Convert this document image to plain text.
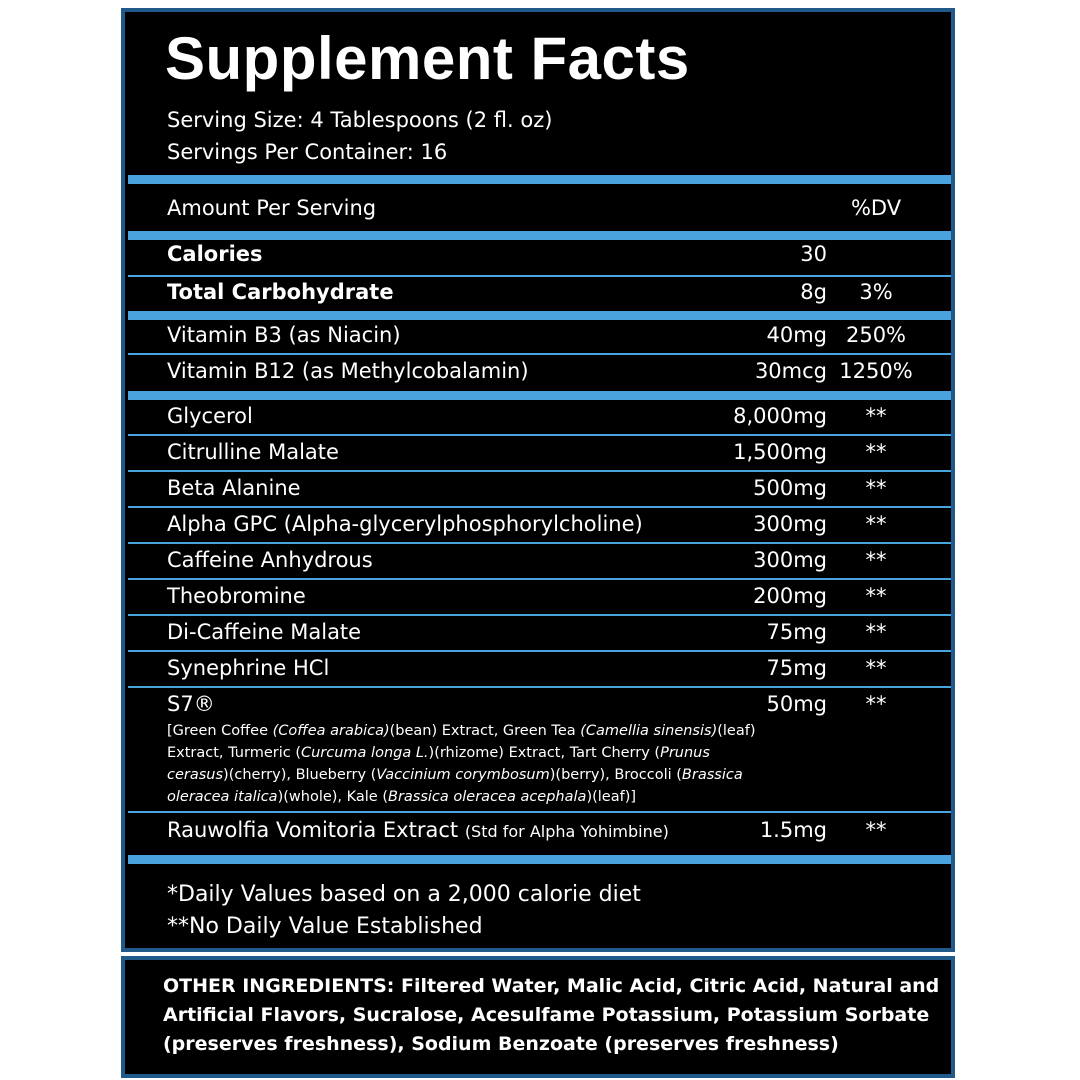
Supplement Facts
Serving Size: 4 Tablespoons (2 fl. oz)
Servings Per Container: 16
Amount Per Serving	%DV
Calories	30
Total Carbohydrate	8g	3%
Vitamin B3 (as Niacin)	40mg 250%
Vitamin B12 (as Methylcobalamin)	30mcg 1250%
Glycerol	8,000mg	**
Citrulline Malate	1,500mg	**
Beta Alanine	500mg	**
Alpha GPC (Alpha-glycerylphosphorylcholine)	300mg	**
Caffeine Anhydrous	300mg	**
Theobromine	200mg	**
Di-Caffeine Malate	75mg	**
Synephrine HCl	75mg	**
S7®	50mg	**
[Green Coffee (Coffea arabica)(bean) Extract, Green Tea (Camellia sinensis)(leaf) Extract, Turmeric (Curcuma longa L.)(rhizome) Extract, Tart Cherry (Prunus cerasus)(cherry), Blueberry (Vaccinium corymbosum)(berry), Broccoli (Brassica oleracea italica)(whole), Kale (Brassica oleracea acephala)(leaf)]
Rauwolfia Vomitoria Extract (Std for Alpha Yohimbine)	1.5mg	**
*Daily Values based on a 2,000 calorie diet
**No Daily Value Established
OTHER INGREDIENTS: Filtered Water, Malic Acid, Citric Acid, Natural and Artificial Flavors, Sucralose, Acesulfame Potassium, Potassium Sorbate (preserves freshness), Sodium Benzoate (preserves freshness)
